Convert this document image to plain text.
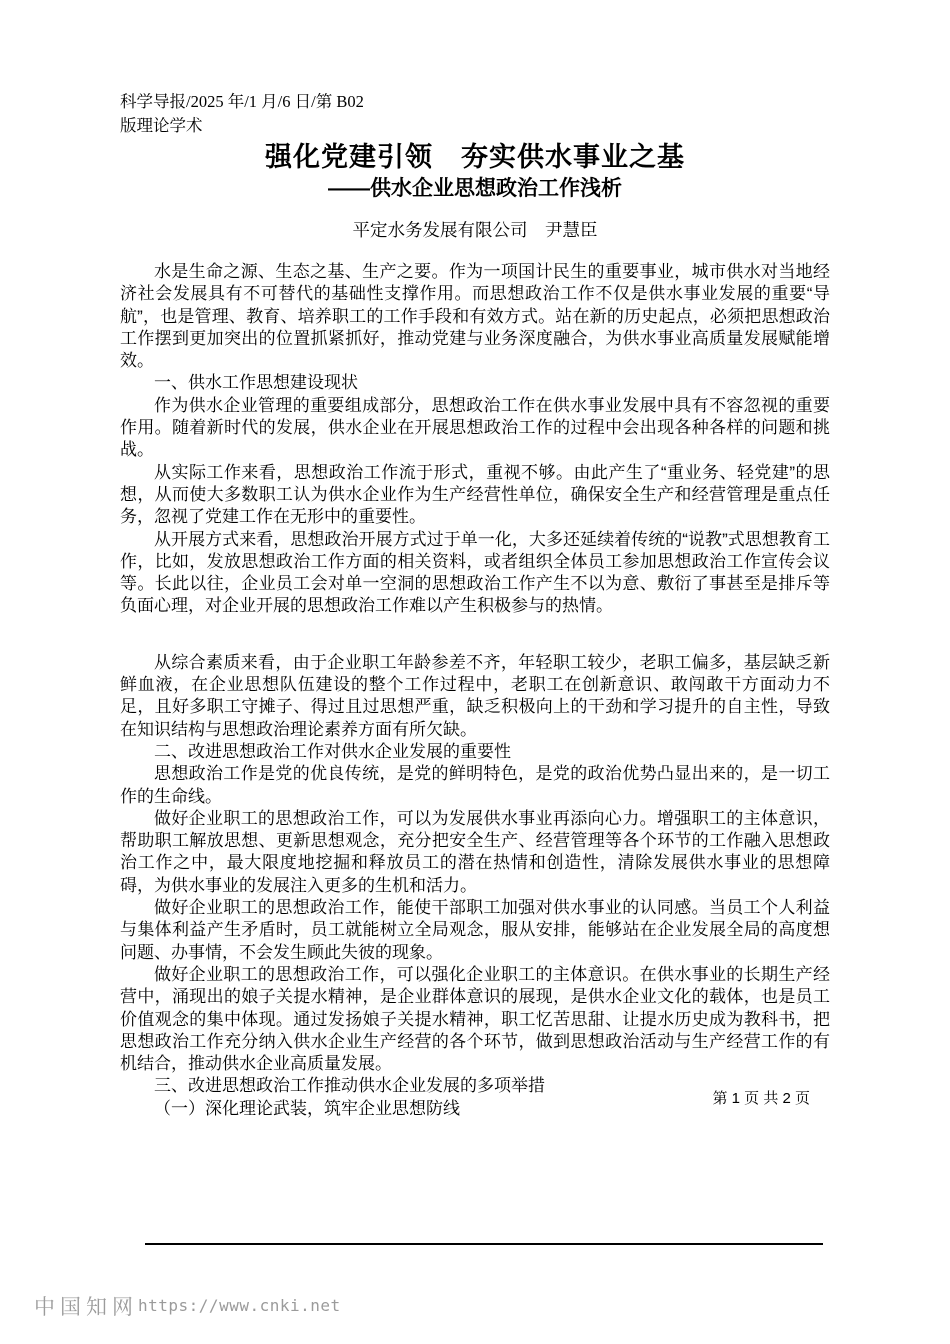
科学导报/2025 年/1 月/6 日/第 B02
版理论学术
强化党建引领　夯实供水事业之基
——供水企业思想政治工作浅析
平定水务发展有限公司　尹慧臣

水是生命之源、生态之基、生产之要。作为一项国计民生的重要事业，城市供水对当地经济社会发展具有不可替代的基础性支撑作用。而思想政治工作不仅是供水事业发展的重要“导航”，也是管理、教育、培养职工的工作手段和有效方式。站在新的历史起点，必须把思想政治工作摆到更加突出的位置抓紧抓好，推动党建与业务深度融合，为供水事业高质量发展赋能增效。

一、供水工作思想建设现状

作为供水企业管理的重要组成部分，思想政治工作在供水事业发展中具有不容忽视的重要作用。随着新时代的发展，供水企业在开展思想政治工作的过程中会出现各种各样的问题和挑战。

从实际工作来看，思想政治工作流于形式，重视不够。由此产生了“重业务、轻党建”的思想，从而使大多数职工认为供水企业作为生产经营性单位，确保安全生产和经营管理是重点任务，忽视了党建工作在无形中的重要性。

从开展方式来看，思想政治开展方式过于单一化，大多还延续着传统的“说教”式思想教育工作，比如，发放思想政治工作方面的相关资料，或者组织全体员工参加思想政治工作宣传会议等。长此以往，企业员工会对单一空洞的思想政治工作产生不以为意、敷衍了事甚至是排斥等负面心理，对企业开展的思想政治工作难以产生积极参与的热情。

从综合素质来看，由于企业职工年龄参差不齐，年轻职工较少，老职工偏多，基层缺乏新鲜血液，在企业思想队伍建设的整个工作过程中，老职工在创新意识、敢闯敢干方面动力不足，且好多职工守摊子、得过且过思想严重，缺乏积极向上的干劲和学习提升的自主性，导致在知识结构与思想政治理论素养方面有所欠缺。

二、改进思想政治工作对供水企业发展的重要性

思想政治工作是党的优良传统，是党的鲜明特色，是党的政治优势凸显出来的，是一切工作的生命线。

做好企业职工的思想政治工作，可以为发展供水事业再添向心力。增强职工的主体意识，帮助职工解放思想、更新思想观念，充分把安全生产、经营管理等各个环节的工作融入思想政治工作之中，最大限度地挖掘和释放员工的潜在热情和创造性，清除发展供水事业的思想障碍，为供水事业的发展注入更多的生机和活力。

做好企业职工的思想政治工作，能使干部职工加强对供水事业的认同感。当员工个人利益与集体利益产生矛盾时，员工就能树立全局观念，服从安排，能够站在企业发展全局的高度想问题、办事情，不会发生顾此失彼的现象。

做好企业职工的思想政治工作，可以强化企业职工的主体意识。在供水事业的长期生产经营中，涌现出的娘子关提水精神，是企业群体意识的展现，是供水企业文化的载体，也是员工价值观念的集中体现。通过发扬娘子关提水精神，职工忆苦思甜、让提水历史成为教科书，把思想政治工作充分纳入供水企业生产经营的各个环节，做到思想政治活动与生产经营工作的有机结合，推动供水企业高质量发展。

三、改进思想政治工作推动供水企业发展的多项举措

（一）深化理论武装，筑牢企业思想防线

第 1 页 共 2 页
中国知网 https://www.cnki.net
